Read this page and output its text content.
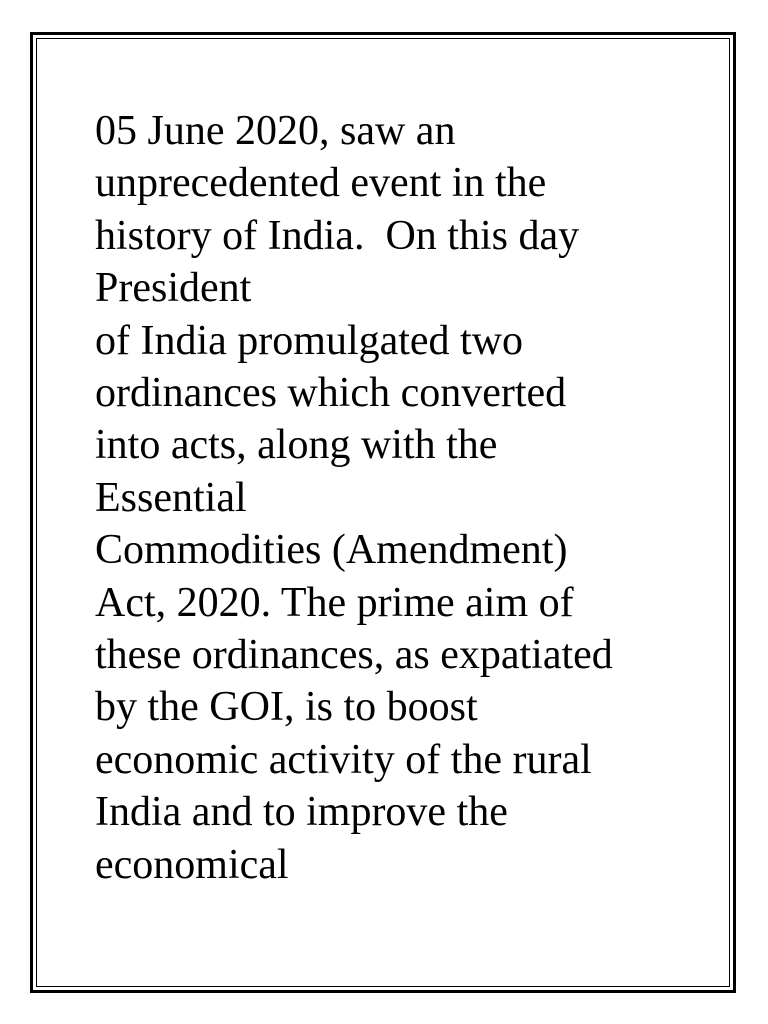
05 June 2020, saw an
unprecedented event in the
history of India.  On this day
President
of India promulgated two
ordinances which converted
into acts, along with the
Essential
Commodities (Amendment)
Act, 2020. The prime aim of
these ordinances, as expatiated
by the GOI, is to boost
economic activity of the rural
India and to improve the
economical
